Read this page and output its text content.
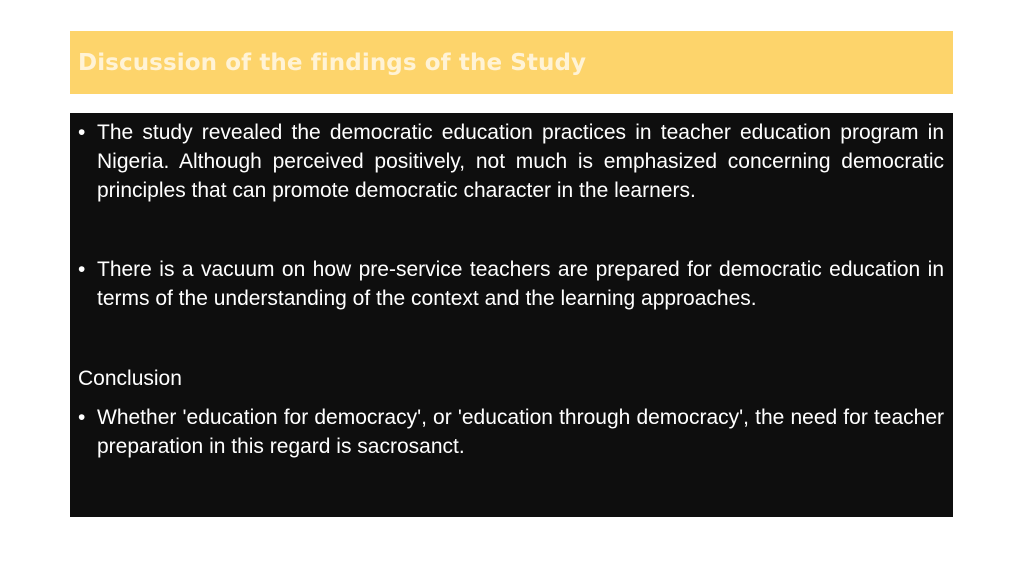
Discussion of the findings of the Study
• The study revealed the democratic education practices in teacher education program in Nigeria. Although perceived positively, not much is emphasized concerning democratic principles that can promote democratic character in the learners.
• There is a vacuum on how pre-service teachers are prepared for democratic education in terms of the understanding of the context and the learning approaches.
Conclusion
• Whether 'education for democracy', or 'education through democracy', the need for teacher preparation in this regard is sacrosanct.
